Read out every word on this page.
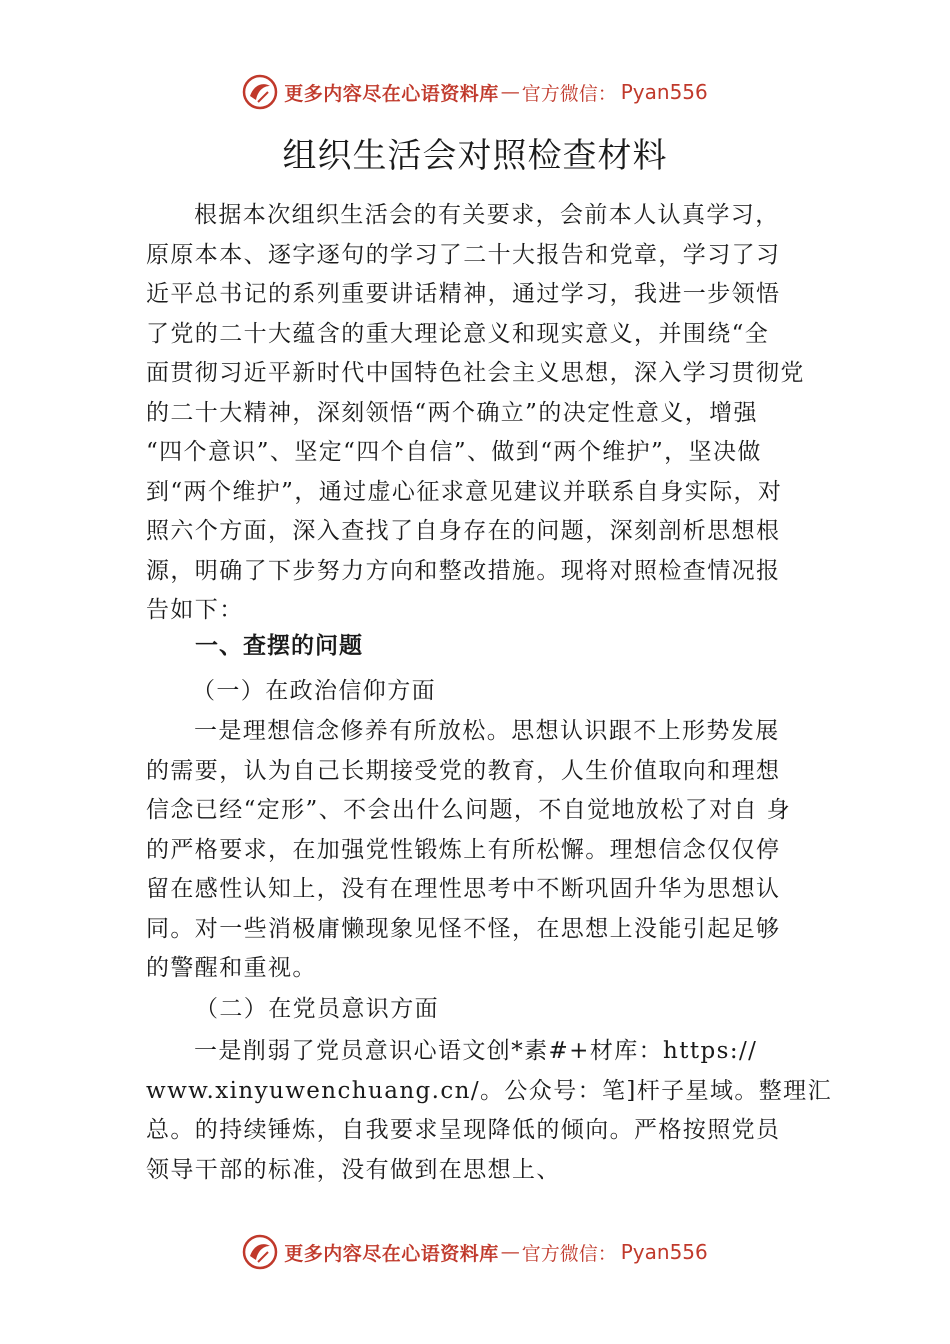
更多内容尽在心语资料库 — 官方微信： Pyan556
组织生活会对照检查材料
根据本次组织生活会的有关要求，会前本人认真学习，
原原本本、逐字逐句的学习了二十大报告和党章，学习了习
近平总书记的系列重要讲话精神，通过学习，我进一步领悟
了党的二十大蕴含的重大理论意义和现实意义，并围绕“全
面贯彻习近平新时代中国特色社会主义思想，深入学习贯彻党
的二十大精神，深刻领悟“两个确立”的决定性意义，增强
“四个意识”、坚定“四个自信”、做到“两个维护”，坚决做
到“两个维护”，通过虚心征求意见建议并联系自身实际，对
照六个方面，深入查找了自身存在的问题，深刻剖析思想根
源，明确了下步努力方向和整改措施。现将对照检查情况报
告如下：
一、查摆的问题
（一）在政治信仰方面
一是理想信念修养有所放松。思想认识跟不上形势发展
的需要，认为自己长期接受党的教育，人生价值取向和理想
信念已经“定形”、不会出什么问题，不自觉地放松了对自 身
的严格要求，在加强党性锻炼上有所松懈。理想信念仅仅停
留在感性认知上，没有在理性思考中不断巩固升华为思想认
同。对一些消极庸懒现象见怪不怪，在思想上没能引起足够
的警醒和重视。
（二）在党员意识方面
一是削弱了党员意识心语文创*素#+材库：https://
www.xinyuwenchuang.cn/。公众号：笔]杆子星域。整理汇
总。的持续锤炼，自我要求呈现降低的倾向。严格按照党员
领导干部的标准，没有做到在思想上、
更多内容尽在心语资料库 — 官方微信： Pyan556
